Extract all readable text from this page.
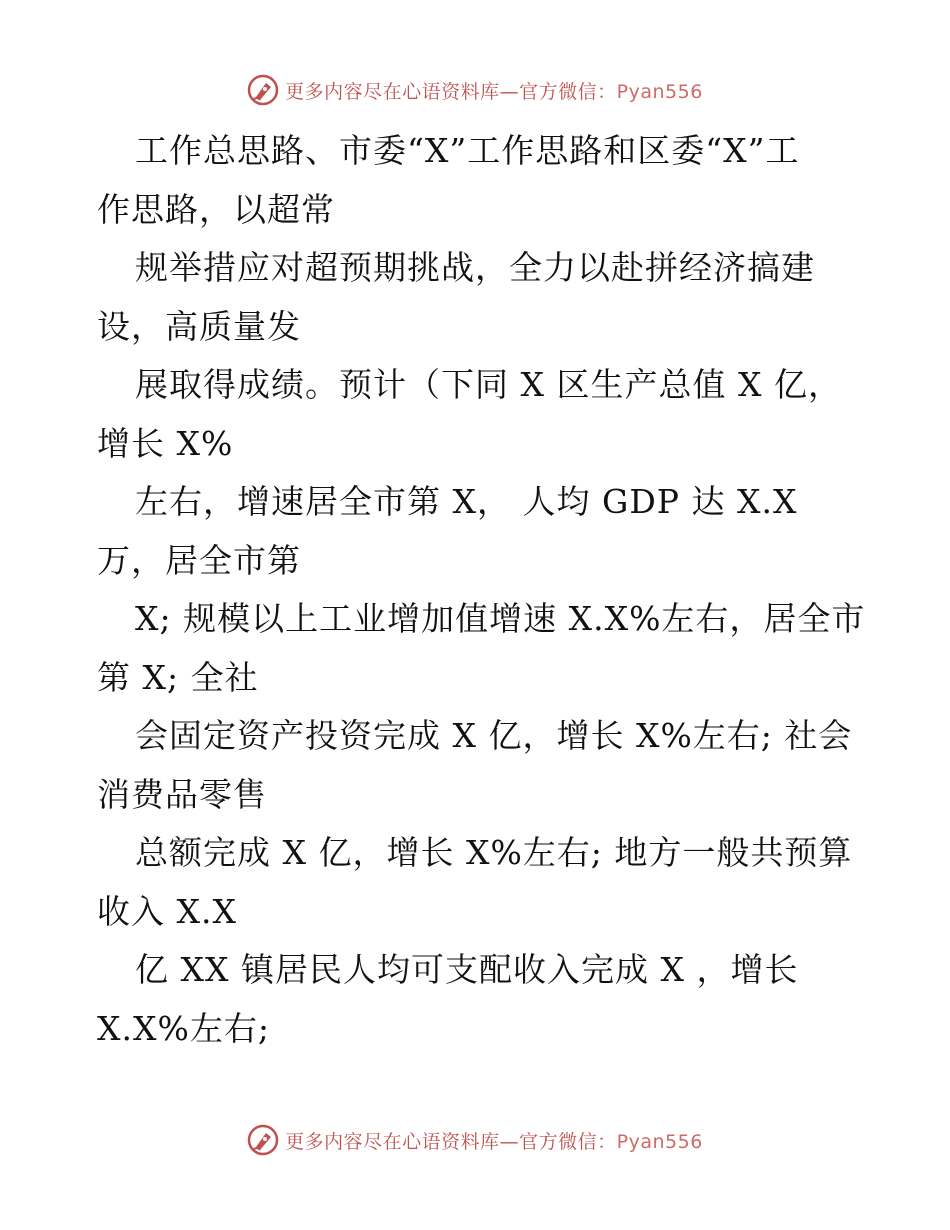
更多内容尽在心语资料库—官方微信：Pyan556
工作总思路、市委“X”工作思路和区委“X”工
作思路，以超常
规举措应对超预期挑战，全力以赴拼经济搞建
设，高质量发
展取得成绩。预计（下同 X 区生产总值 X 亿，
增长 X%
左右，增速居全市第 X， 人均 GDP 达 X.X
万，居全市第
X; 规模以上工业增加值增速 X.X%左右，居全市
第 X; 全社
会固定资产投资完成 X 亿，增长 X%左右; 社会
消费品零售
总额完成 X 亿，增长 X%左右; 地方一般共预算
收入 X.X
亿 XX 镇居民人均可支配收入完成 X ，增长
X.X%左右;
更多内容尽在心语资料库—官方微信：Pyan556
